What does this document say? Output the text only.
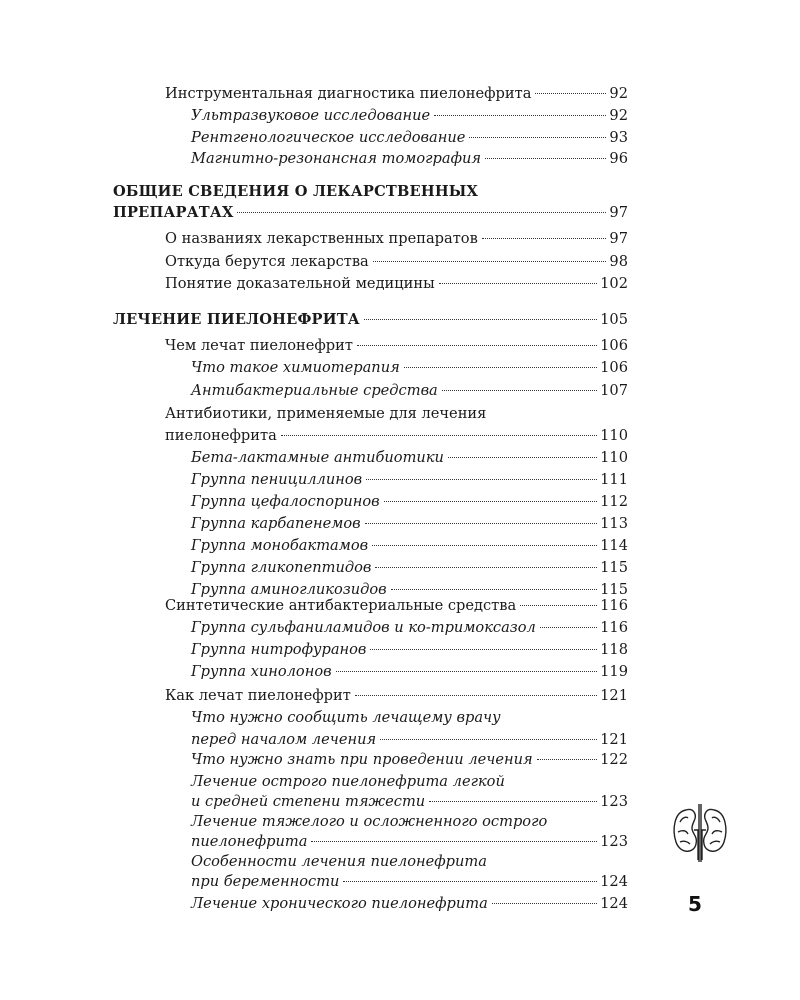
Инструментальная диагностика пиелонефрита	92
Ультразвуковое исследование	92
Рентгенологическое исследование	93
Магнитно-резонансная томография	96
ОБЩИЕ СВЕДЕНИЯ О ЛЕКАРСТВЕННЫХ
ПРЕПАРАТАХ	97
О названиях лекарственных препаратов	97
Откуда берутся лекарства	98
Понятие доказательной медицины	102
ЛЕЧЕНИЕ ПИЕЛОНЕФРИТА	105
Чем лечат пиелонефрит	106
Что такое химиотерапия	106
Антибактериальные средства	107
Антибиотики, применяемые для лечения
пиелонефрита	110
Бета-лактамные антибиотики	110
Группа пенициллинов	111
Группа цефалоспоринов	112
Группа карбапенемов	113
Группа монобактамов	114
Группа гликопептидов	115
Группа аминогликозидов	115
Синтетические антибактериальные средства	116
Группа сульфаниламидов и ко-тримоксазол	116
Группа нитрофуранов	118
Группа хинолонов	119
Как лечат пиелонефрит	121
Что нужно сообщить лечащему врачу
перед началом лечения	121
Что нужно знать при проведении лечения	122
Лечение острого пиелонефрита легкой
и средней степени тяжести	123
Лечение тяжелого и осложненного острого
пиелонефрита	123
Особенности лечения пиелонефрита
при беременности	124
Лечение хронического пиелонефрита	124	5
